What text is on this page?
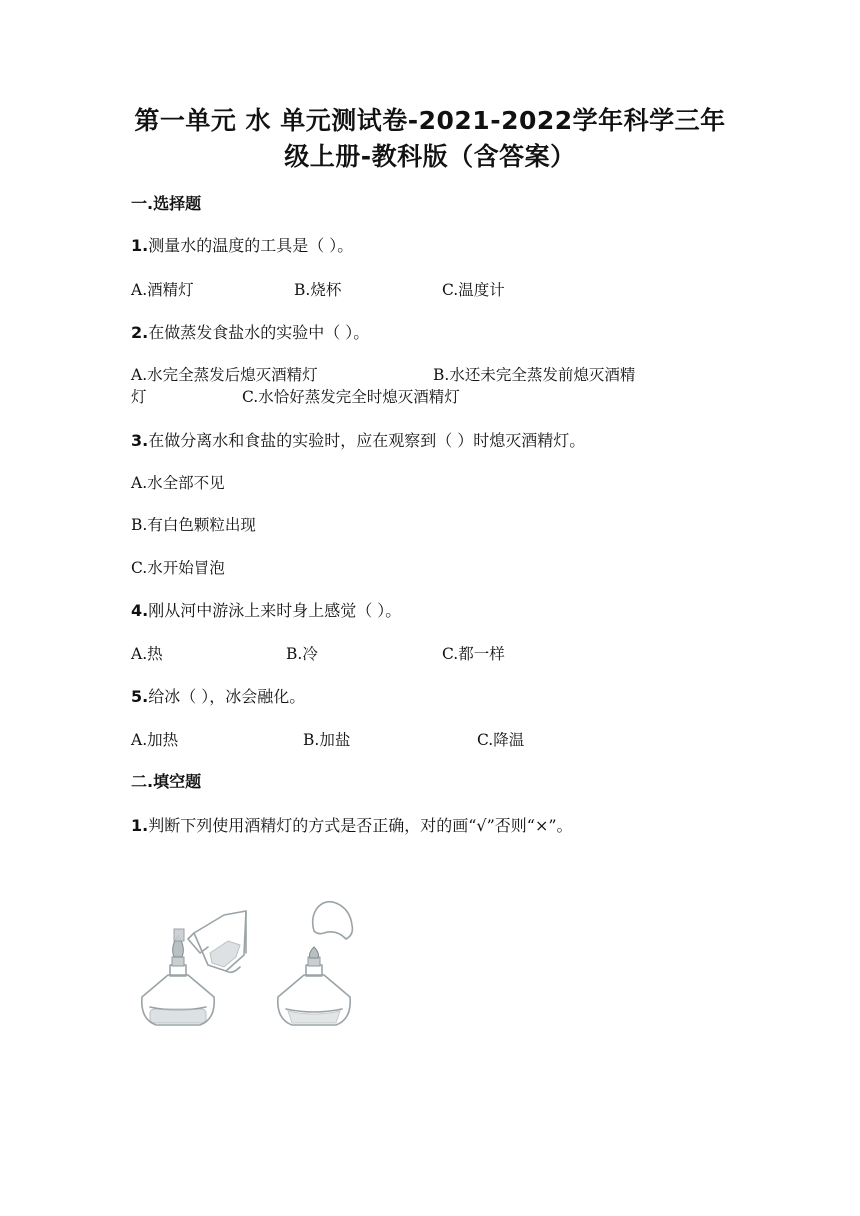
第一单元 水 单元测试卷-2021-2022学年科学三年
级上册-教科版（含答案）
一.选择题
1.测量水的温度的工具是（ ）。
A.酒精灯	B.烧杯	C.温度计
2.在做蒸发食盐水的实验中（ ）。
A.水完全蒸发后熄灭酒精灯	B.水还未完全蒸发前熄灭酒精
灯	C.水恰好蒸发完全时熄灭酒精灯
3.在做分离水和食盐的实验时，应在观察到（ ）时熄灭酒精灯。
A.水全部不见
B.有白色颗粒出现
C.水开始冒泡
4.刚从河中游泳上来时身上感觉（ ）。
A.热	B.冷	C.都一样
5.给冰（ ），冰会融化。
A.加热	B.加盐	C.降温
二.填空题
1.判断下列使用酒精灯的方式是否正确，对的画“√”否则“×”。
